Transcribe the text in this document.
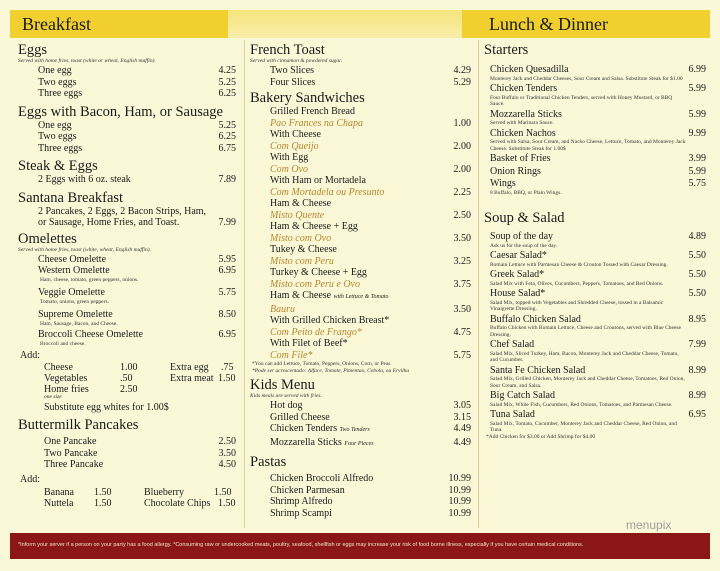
Breakfast	Lunch & Dinner
Eggs
Served with home fries, toast (white or wheat, English muffin).
One egg	4.25
Two eggs	5.25
Three eggs	6.25
Eggs with Bacon, Ham, or Sausage
One egg	5.25
Two eggs	6.25
Three eggs	6.75
Steak & Eggs
2 Eggs with 6 oz. steak	7.89
Santana Breakfast
2 Pancakes, 2 Eggs, 2 Bacon Strips, Ham,
or Sausage, Home Fries, and Toast.	7.99
Omelettes
Served with home fries, toast (white, wheat, English muffin).
Cheese Omelette	5.95
Western Omelette	6.95
Ham, cheese, tomato, green peppers, onions.
Veggie Omelette	5.75
Tomato, onions, green peppers.
Supreme Omelette	8.50
Ham, Sausage, Bacon, and Cheese.
Broccoli Cheese Omelette	6.95
Broccoli and cheese.
Add:
Cheese	1.00
Vegetables	.50
Home fries	2.50
one size
Extra egg .75
Extra meat 1.50
Substitute egg whites for 1.00$
Buttermilk Pancakes
One Pancake	2.50
Two Pancake	3.50
Three Pancake	4.50
Add:
Banana 1.50	Blueberry	1.50
Nuttela 1.50	Chocolate Chips 1.50
French Toast
Served with cinnamon & powdered sugar.
Two Slices	4.29
Four Slices	5.29
Bakery Sandwiches
Grilled French Bread
Pao Frances na Chapa	1.00
With Cheese
Com Queijo	2.00
With Egg
Com Ovo	2.00
With Ham or Mortadela
Com Mortadela ou Presunto	2.25
Ham & Cheese
Misto Quente	2.50
Ham & Cheese + Egg
Misto com Ovo	3.50
Tukey & Cheese
Misto com Peru	3.25
Turkey & Cheese + Egg
Misto com Peru e Ovo	3.75
Ham & Cheese with Lettuce & Tomato
Bauru	3.50
With Grilled Chicken Breast*
Com Peito de Frango*	4.75
With Filet of Beef*
Com File*	5.75
*You can add Lettuce, Tomato, Peppers, Onions, Corn, or Peas
*Pode ser acrescentado: Alface, Tomate, Pimentao, Cebola, ou Ervilha
Kids Menu
Kids meals are served with fries.
Hot dog	3.05
Grilled Cheese	3.15
Chicken Tenders Two Tenders	4.49
Mozzarella Sticks Four Pieces	4.49
Pastas
Chicken Broccoli Alfredo	10.99
Chicken Parmesan	10.99
Shrimp Alfredo	10.99
Shrimp Scampi	10.99
Starters
Chicken Quesadilla	6.99
Monterey Jack and Cheddar Cheeses, Sour Cream and Salsa. Substitute Steak for $1.00
Chicken Tenders	5.99
Four Buffalo or Traditional Chicken Tenders, served with Honey Mustard, or BBQ Sauce.
Mozzarella Sticks	5.99
Served with Marinara Sauce.
Chicken Nachos	9.99
Served with Salsa, Sour Cream, and Nacho Cheese, Lettuce, Tomato, and Monterey Jack Cheese. Substitute Steak for 1.00$
Basket of Fries	3.99
Onion Rings	5.99
Wings	5.75
8 Buffalo, BBQ, or Plain Wings.
Soup & Salad
Soup of the day	4.89
Ask us for the soup of the day.
Caesar Salad*	5.50
Romain Lettuce with Parmesan Cheese & Crouton Tossed with Caesar Dressing.
Greek Salad*	5.50
Salad Mix with Feta, Olives, Cucumbers, Peppers, Tomatoes, and Red Onions.
House Salad*	5.50
Salad Mix, topped with Vegetables and Shredded Cheese, tossed in a Balsamic Vinaigrette Dressing.
Buffalo Chicken Salad	8.95
Buffalo Chicken with Romain Lettuce, Cheese and Croutons, served with Blue Cheese Dressing.
Chef Salad	7.99
Salad Mix, Sliced Turkey, Ham, Bacon, Monterey Jack and Cheddar Cheese, Tomato, and Cucumber.
Santa Fe Chicken Salad	8.99
Salad Mix, Grilled Chicken, Monterey Jack and Cheddar Cheese, Tomatoes, Red Onion, Sour Cream, and Salsa.
Big Catch Salad	8.99
Salad Mix, White Fish, Cucumbers, Red Onions, Tomatoes, and Parmesan Cheese.
Tuna Salad	6.95
Salad Mix, Tomato, Cucumber, Monterey Jack and Cheddar Cheese, Red Onion, and Tuna.
*Add Chicken for $3.00 or Add Shrimp for $4.00
menupix
*Inform your server if a person on your party has a food allergy. *Consuming raw or undercooked meats, poultry, seafood, shellfish or eggs may increase your risk of food borne illness, especially if you have certain medical conditions.
